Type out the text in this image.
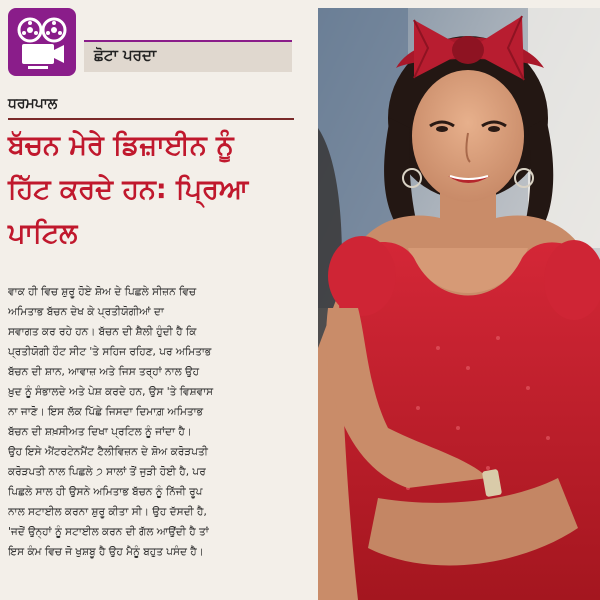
ਛੋਟਾ ਪਰਦਾ
ਧਰਮਪਾਲ
ਬੱਚਨ ਮੇਰੇ ਡਿਜ਼ਾਈਨ ਨੂੰ
ਹਿੱਟ ਕਰਦੇ ਹਨ: ਪ੍ਰਿਆ
ਪਾਟਿਲ

ਵਾਕ ਹੀ ਵਿਚ ਸ਼ੁਰੂ ਹੋਏ ਸ਼ੋਅ ਦੇ ਪਿਛਲੇ ਸੀਜ਼ਨ ਵਿਚ

ਅਮਿਤਾਭ ਬੱਚਨ ਦੇਖ ਕੇ ਪ੍ਰਤੀਯੋਗੀਆਂ ਦਾ

ਸਵਾਗਤ ਕਰ ਰਹੇ ਹਨ। ਬੱਚਨ ਦੀ ਸ਼ੈਲੀ ਹੁੰਦੀ ਹੈ ਕਿ

ਪ੍ਰਤੀਯੋਗੀ ਹੌਟ ਸੀਟ 'ਤੇ ਸਹਿਜ ਰਹਿਣ, ਪਰ ਅਮਿਤਾਭ

ਬੱਚਨ ਦੀ ਸ਼ਾਨ, ਆਵਾਜ਼ ਅਤੇ ਜਿਸ ਤਰ੍ਹਾਂ ਨਾਲ ਉਹ

ਖ਼ੁਦ ਨੂੰ ਸੰਭਾਲਦੇ ਅਤੇ ਪੇਸ਼ ਕਰਦੇ ਹਨ, ਉਸ 'ਤੇ ਵਿਸ਼ਵਾਸ

ਨਾ ਜਾਣੋ। ਇਸ ਲੱਕ ਪਿੱਛੇ ਜਿਸਦਾ ਦਿਮਾਗ਼ ਅਮਿਤਾਭ

ਬੱਚਨ ਦੀ ਸ਼ਖ਼ਸੀਅਤ ਦਿਖਾ ਪ੍ਰਟਿਲ ਨੂੰ ਜਾਂਦਾ ਹੈ।

ਉਹ ਇਸੇ ਐਂਟਰਟੇਨਮੈਂਟ ਟੈਲੀਵਿਜ਼ਨ ਦੇ ਸ਼ੋਅ ਕਰੋੜਪਤੀ

ਕਰੋੜਪਤੀ ਨਾਲ ਪਿਛਲੇ ੭ ਸਾਲਾਂ ਤੋਂ ਜੁੜੀ ਹੋਈ ਹੈ, ਪਰ

ਪਿਛਲੇ ਸਾਲ ਹੀ ਉਸਨੇ ਅਮਿਤਾਭ ਬੱਚਨ ਨੂੰ ਨਿੱਜੀ ਰੂਪ

ਨਾਲ ਸਟਾਈਲ ਕਰਨਾ ਸ਼ੁਰੂ ਕੀਤਾ ਸੀ। ਉਹ ਦੱਸਦੀ ਹੈ,

'ਜਦੋਂ ਉਨ੍ਹਾਂ ਨੂੰ ਸਟਾਈਲ ਕਰਨ ਦੀ ਗੱਲ ਆਉਂਦੀ ਹੈ ਤਾਂ

ਇਸ ਕੰਮ ਵਿਚ ਜੋ ਖੁਸ਼ਬੂ ਹੈ ਉਹ ਮੈਨੂੰ ਬਹੁਤ ਪਸੰਦ ਹੈ।
